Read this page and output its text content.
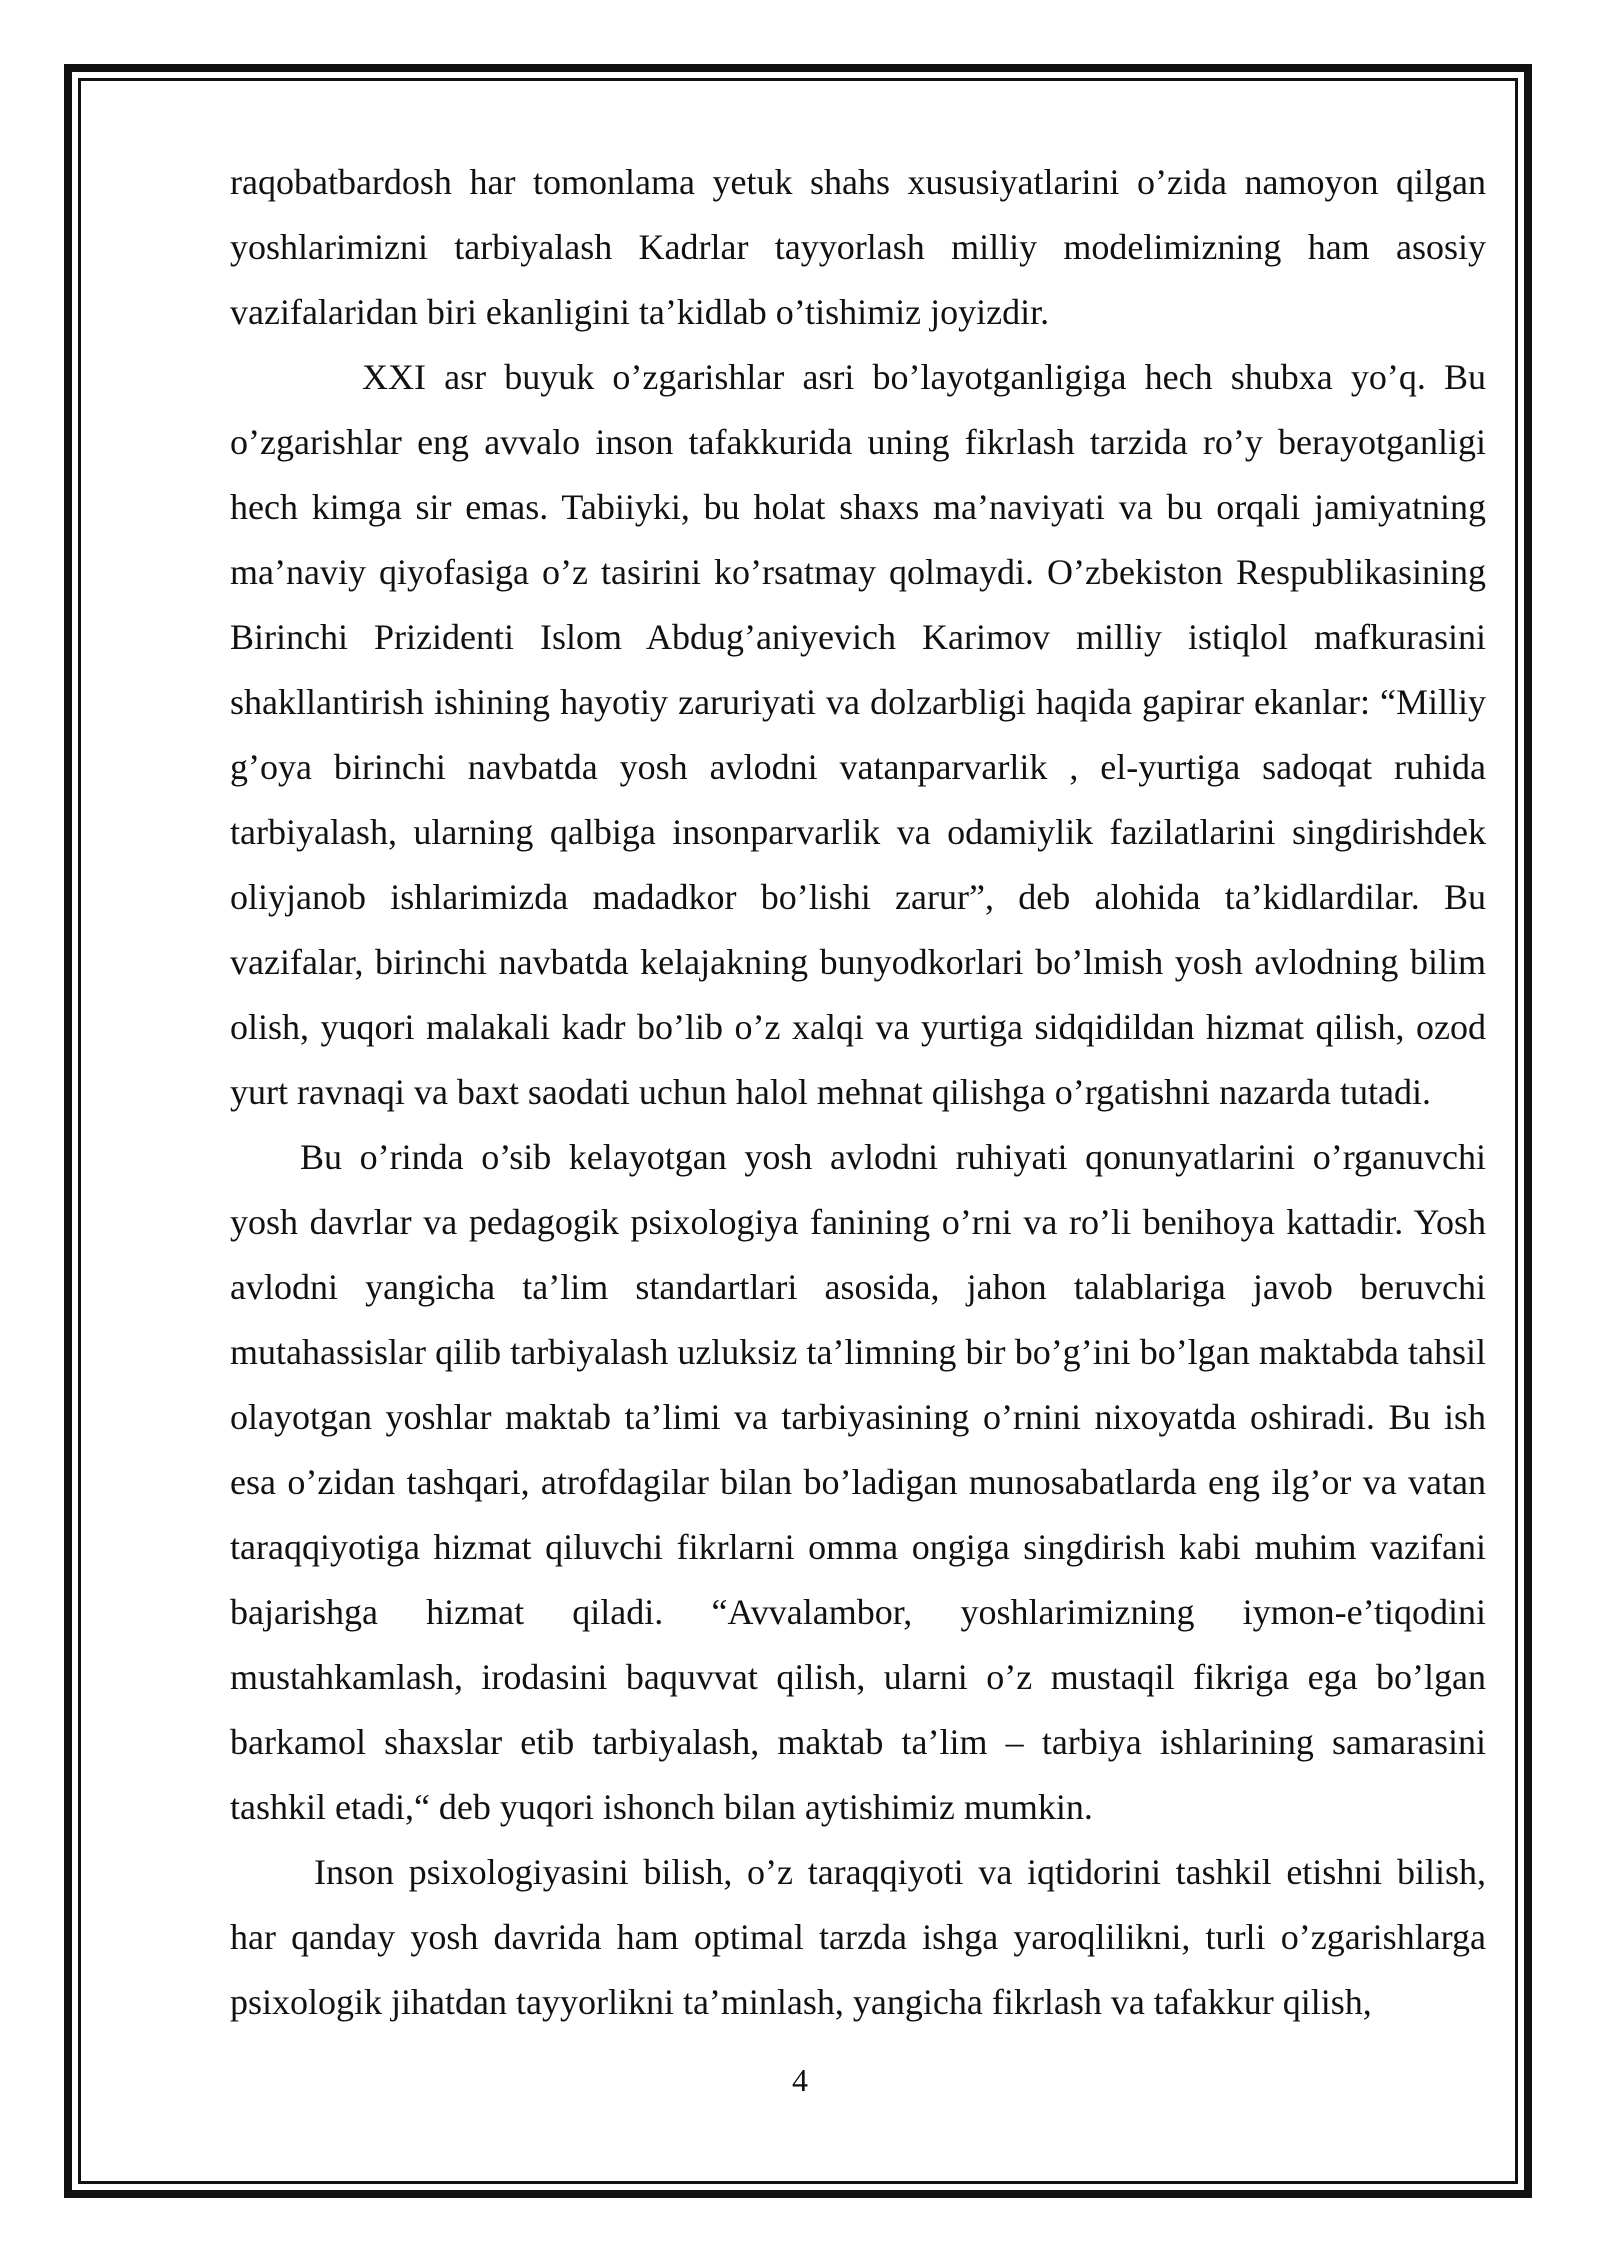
raqobatbardosh har tomonlama yetuk shahs xususiyatlarini o’zida namoyon qilgan yoshlarimizni tarbiyalash Kadrlar tayyorlash milliy modelimizning ham asosiy vazifalaridan biri ekanligini ta’kidlab o’tishimiz joyizdir.

XXI asr buyuk o’zgarishlar asri bo’layotganligiga hech shubxa yo’q. Bu o’zgarishlar eng avvalo inson tafakkurida uning fikrlash tarzida ro’y berayotganligi hech kimga sir emas. Tabiiyki, bu holat shaxs ma’naviyati va bu orqali jamiyatning ma’naviy qiyofasiga o’z tasirini ko’rsatmay qolmaydi. O’zbekiston Respublikasining Birinchi Prizidenti Islom Abdug’aniyevich Karimov milliy istiqlol mafkurasini shakllantirish ishining hayotiy zaruriyati va dolzarbligi haqida gapirar ekanlar: “Milliy g’oya birinchi navbatda yosh avlodni vatanparvarlik , el-yurtiga sadoqat ruhida tarbiyalash, ularning qalbiga insonparvarlik va odamiylik fazilatlarini singdirishdek oliyjanob ishlarimizda madadkor bo’lishi zarur”, deb alohida ta’kidlardilar. Bu vazifalar, birinchi navbatda kelajakning bunyodkorlari bo’lmish yosh avlodning bilim olish, yuqori malakali kadr bo’lib o’z xalqi va yurtiga sidqidildan hizmat qilish, ozod yurt ravnaqi va baxt saodati uchun halol mehnat qilishga o’rgatishni nazarda tutadi.

Bu o’rinda o’sib kelayotgan yosh avlodni ruhiyati qonunyatlarini o’rganuvchi yosh davrlar va pedagogik psixologiya fanining o’rni va ro’li benihoya kattadir. Yosh avlodni yangicha ta’lim standartlari asosida, jahon talablariga javob beruvchi mutahassislar qilib tarbiyalash uzluksiz ta’limning bir bo’g’ini bo’lgan maktabda tahsil olayotgan yoshlar maktab ta’limi va tarbiyasining o’rnini nixoyatda oshiradi. Bu ish esa o’zidan tashqari, atrofdagilar bilan bo’ladigan munosabatlarda eng ilg’or va vatan taraqqiyotiga hizmat qiluvchi fikrlarni omma ongiga singdirish kabi muhim vazifani bajarishga hizmat qiladi. “Avvalambor, yoshlarimizning iymon-e’tiqodini mustahkamlash, irodasini baquvvat qilish, ularni o’z mustaqil fikriga ega bo’lgan barkamol shaxslar etib tarbiyalash, maktab ta’lim – tarbiya ishlarining samarasini tashkil etadi,“ deb yuqori ishonch bilan aytishimiz mumkin.

Inson psixologiyasini bilish, o’z taraqqiyoti va iqtidorini tashkil etishni bilish, har qanday yosh davrida ham optimal tarzda ishga yaroqlilikni, turli o’zgarishlarga psixologik jihatdan tayyorlikni ta’minlash, yangicha fikrlash va tafakkur qilish,

4
